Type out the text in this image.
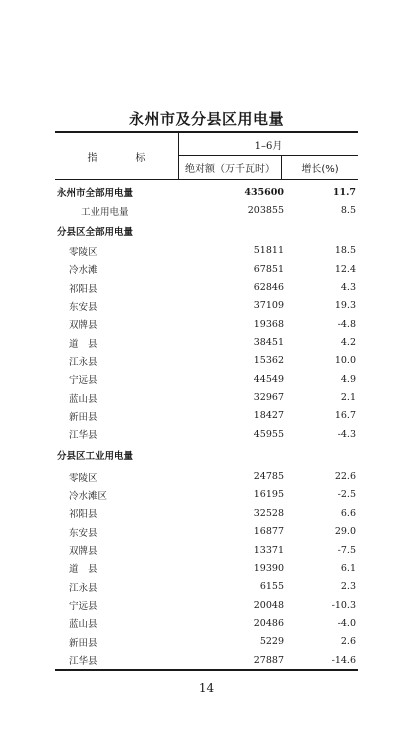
永州市及分县区用电量
指　标
1–6月
绝对额（万千瓦时）	增长(%)
永州市全部用电量	435600	11.7
工业用电量	203855	8.5
分县区全部用电量
零陵区	51811	18.5
冷水滩	67851	12.4
祁阳县	62846	4.3
东安县	37109	19.3
双牌县	19368	-4.8
道　县	38451	4.2
江永县	15362	10.0
宁远县	44549	4.9
蓝山县	32967	2.1
新田县	18427	16.7
江华县	45955	-4.3
分县区工业用电量
零陵区	24785	22.6
冷水滩区	16195	-2.5
祁阳县	32528	6.6
东安县	16877	29.0
双牌县	13371	-7.5
道　县	19390	6.1
江永县	6155	2.3
宁远县	20048	-10.3
蓝山县	20486	-4.0
新田县	5229	2.6
江华县	27887	-14.6
14
